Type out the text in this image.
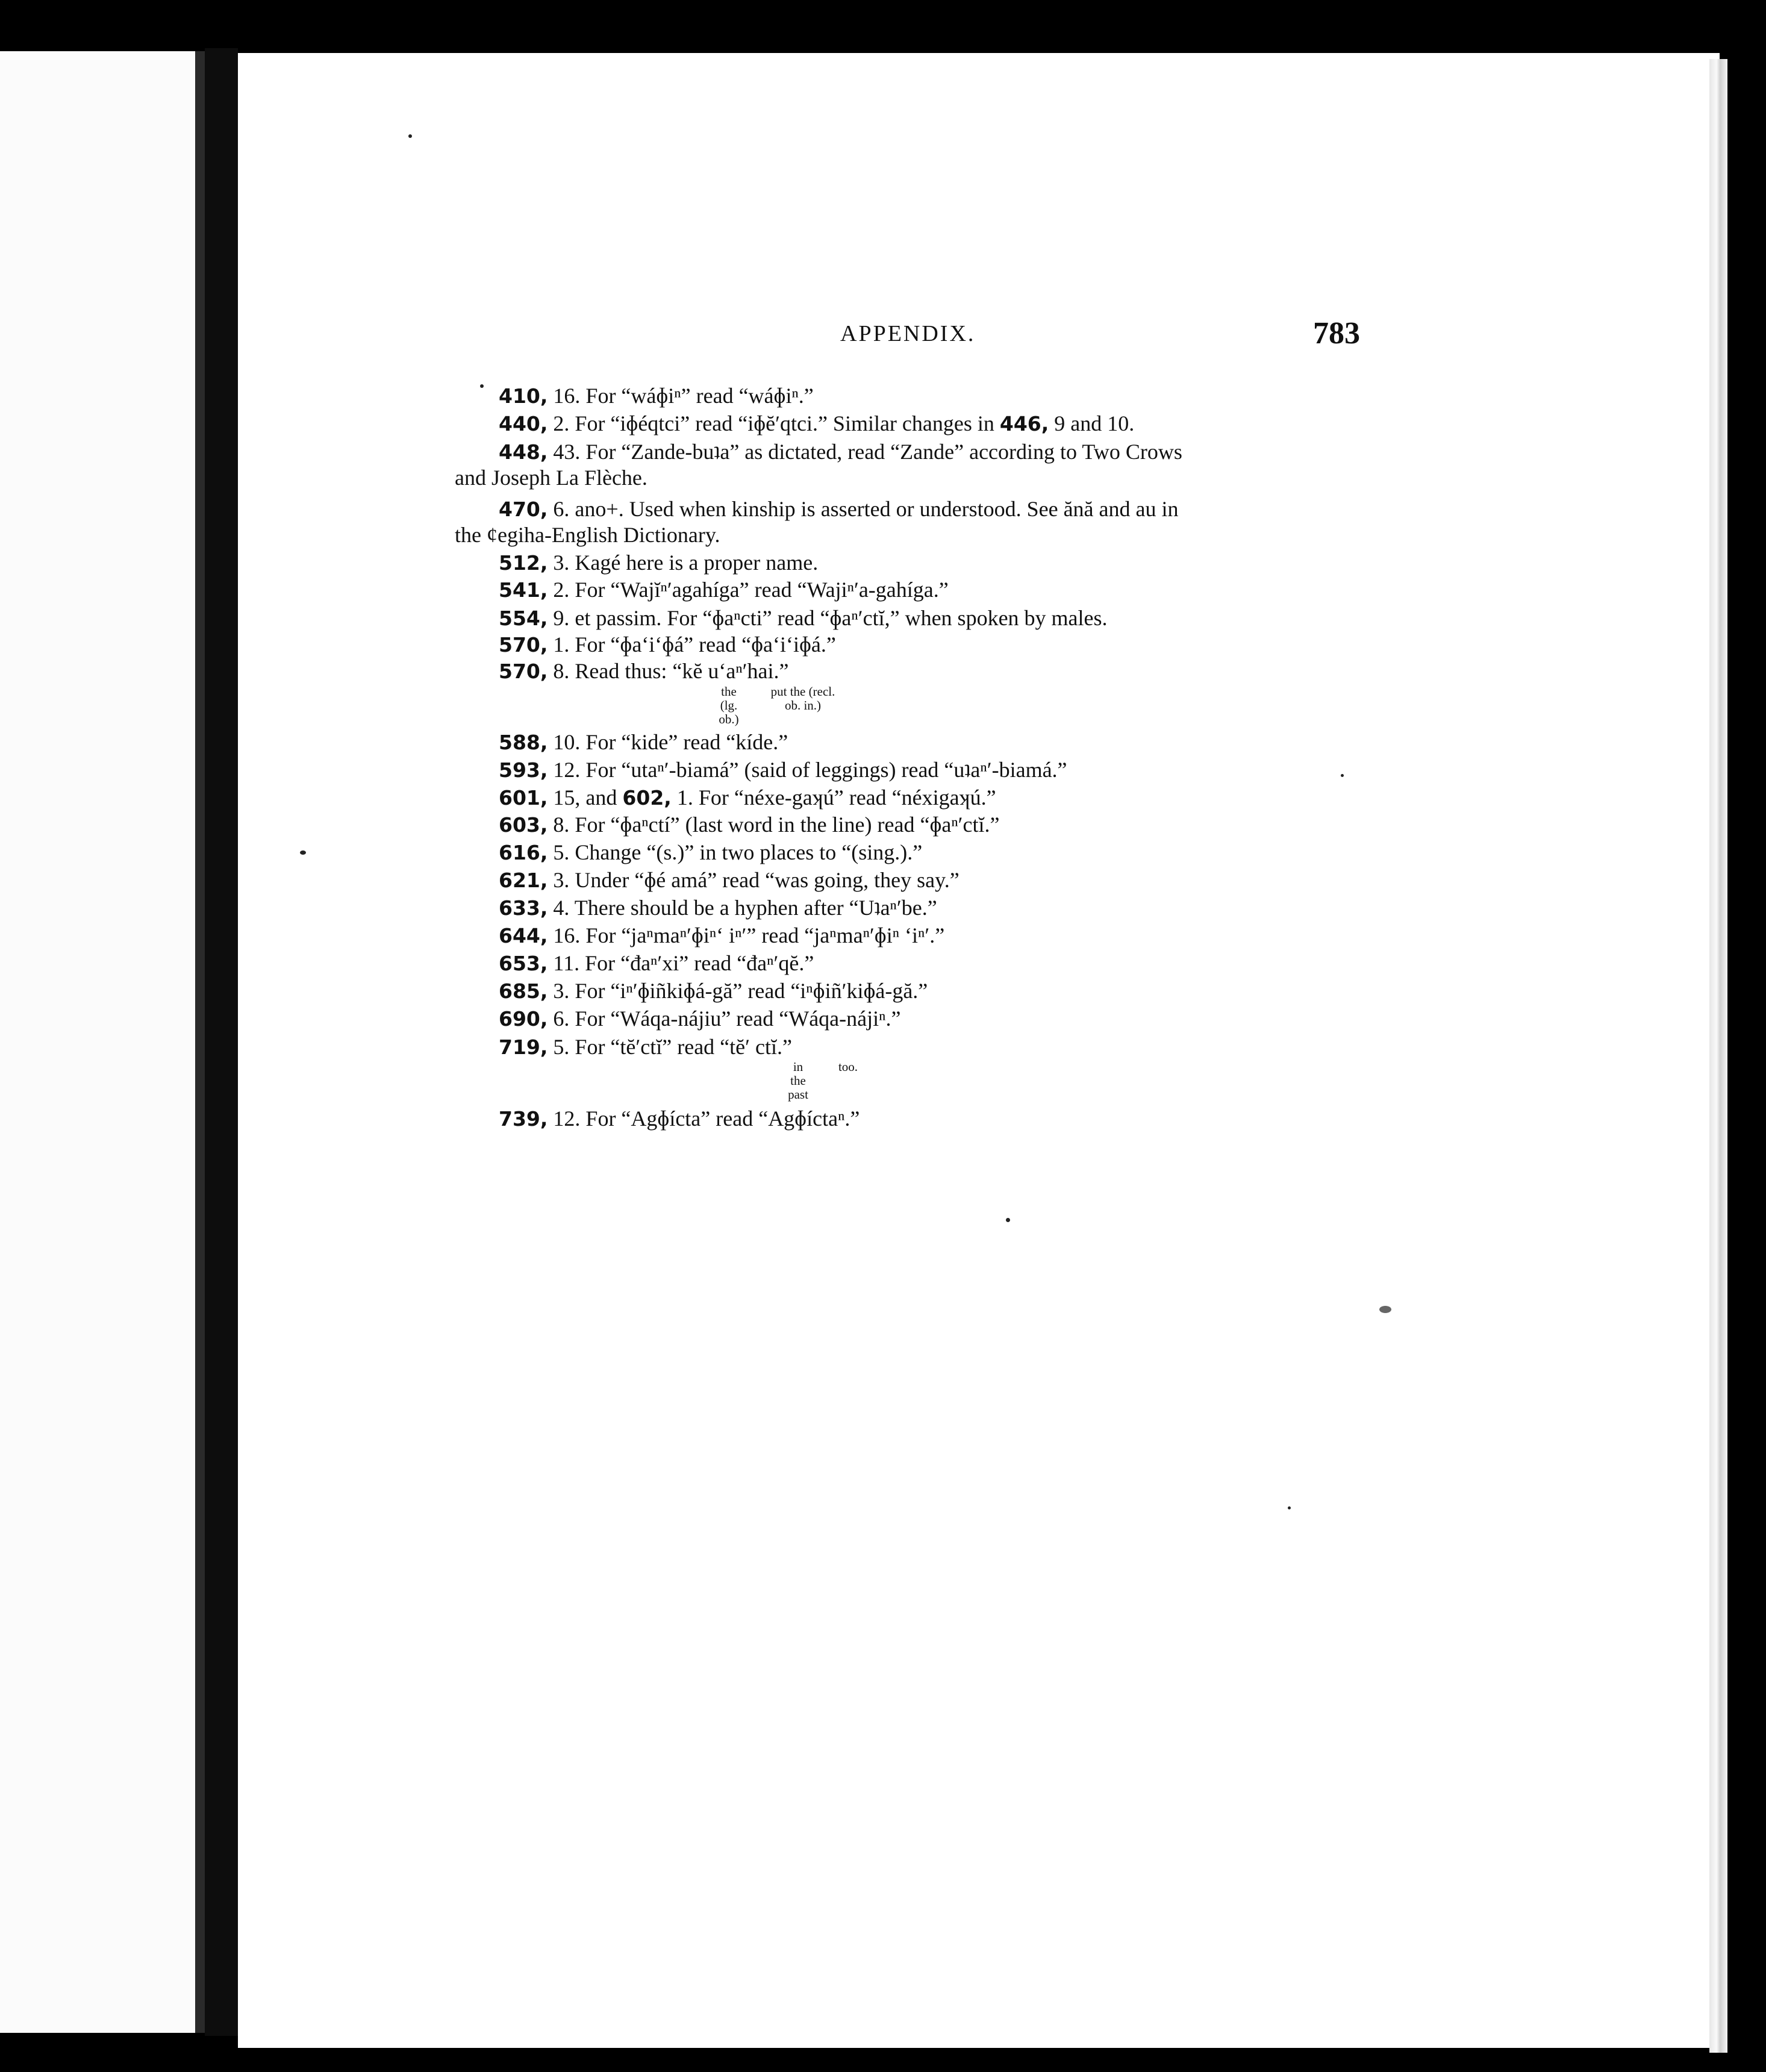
APPENDIX.	783
410, 16. For “wáɸiⁿ” read “wáɸiⁿ.”
440, 2. For “iɸéqtci” read “iɸĕ′qtci.” Similar changes in 446, 9 and 10.
448, 43. For “Zande-buʇa” as dictated, read “Zande” according to Two Crows
and Joseph La Flèche.
470, 6. ano+. Used when kinship is asserted or understood. See ănă and au in
the ȼegiha-English Dictionary.
512, 3. Kagé here is a proper name.
541, 2. For “Wajĭⁿ′agahíga” read “Wajiⁿ′a-gahíga.”
554, 9. et passim. For “ɸaⁿcti” read “ɸaⁿ′ctĭ,” when spoken by males.
570, 1. For “ɸa‘i‘ɸá” read “ɸa‘i‘iɸá.”
570, 8. Read thus: “kĕ u‘aⁿ′hai.”
the
(lg.
ob.)
put the (recl.
ob. in.)
588, 10. For “kide” read “kíde.”
593, 12. For “utaⁿ′-biamá” (said of leggings) read “uʇaⁿ′-biamá.”
601, 15, and 602, 1. For “néxe-gaʞú” read “néxigaʞú.”
603, 8. For “ɸaⁿctí” (last word in the line) read “ɸaⁿ′ctĭ.”
616, 5. Change “(s.)” in two places to “(sing.).”
621, 3. Under “ɸé amá” read “was going, they say.”
633, 4. There should be a hyphen after “Uʇaⁿ′be.”
644, 16. For “jaⁿmaⁿ′ɸiⁿ‘ iⁿ′” read “jaⁿmaⁿ′ɸiⁿ ‘iⁿ′.”
653, 11. For “đaⁿ′xi” read “đaⁿ′qĕ.”
685, 3. For “iⁿ′ɸiñkiɸá-gă” read “iⁿɸiñ′kiɸá-gă.”
690, 6. For “Wáqa-nájiu” read “Wáqa-nájiⁿ.”
719, 5. For “tĕ′ctĭ” read “tĕ′ ctĭ.”
in
the
past
too.
739, 12. For “Agɸícta” read “Agɸíctaⁿ.”
